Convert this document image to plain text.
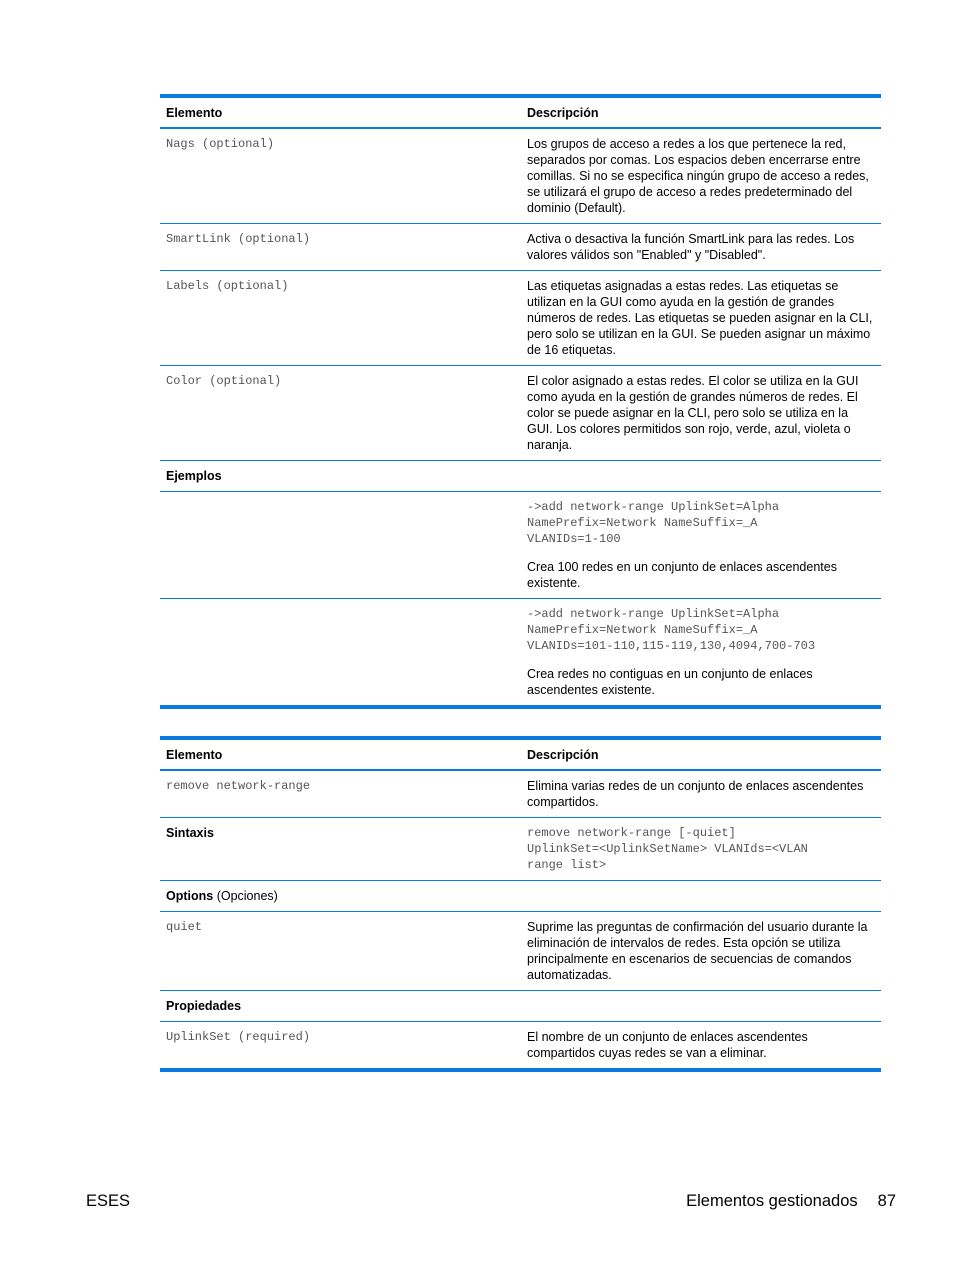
Elemento	Descripción
Nags (optional)	Los grupos de acceso a redes a los que pertenece la red, separados por comas. Los espacios deben encerrarse entre comillas. Si no se especifica ningún grupo de acceso a redes, se utilizará el grupo de acceso a redes predeterminado del dominio (Default).
SmartLink (optional)	Activa o desactiva la función SmartLink para las redes. Los valores válidos son "Enabled" y "Disabled".
Labels (optional)	Las etiquetas asignadas a estas redes. Las etiquetas se utilizan en la GUI como ayuda en la gestión de grandes números de redes. Las etiquetas se pueden asignar en la CLI, pero solo se utilizan en la GUI. Se pueden asignar un máximo de 16 etiquetas.
Color (optional)	El color asignado a estas redes. El color se utiliza en la GUI como ayuda en la gestión de grandes números de redes. El color se puede asignar en la CLI, pero solo se utiliza en la GUI. Los colores permitidos son rojo, verde, azul, violeta o naranja.
Ejemplos	

	->add network-range UplinkSet=Alpha
NamePrefix=Network NameSuffix=_A
VLANIDs=1-100
Crea 100 redes en un conjunto de enlaces ascendentes existente.

	->add network-range UplinkSet=Alpha
NamePrefix=Network NameSuffix=_A
VLANIDs=101-110,115-119,130,4094,700-703
Crea redes no contiguas en un conjunto de enlaces ascendentes existente.
Elemento	Descripción
remove network-range	Elimina varias redes de un conjunto de enlaces ascendentes compartidos.
Sintaxis	remove network-range [-quiet]
UplinkSet=<UplinkSetName> VLANIds=<VLAN
range list>
Options (Opciones)	
quiet	Suprime las preguntas de confirmación del usuario durante la eliminación de intervalos de redes. Esta opción se utiliza principalmente en escenarios de secuencias de comandos automatizadas.
Propiedades	
UplinkSet (required)	El nombre de un conjunto de enlaces ascendentes compartidos cuyas redes se van a eliminar.
ESES	Elementos gestionados 87
